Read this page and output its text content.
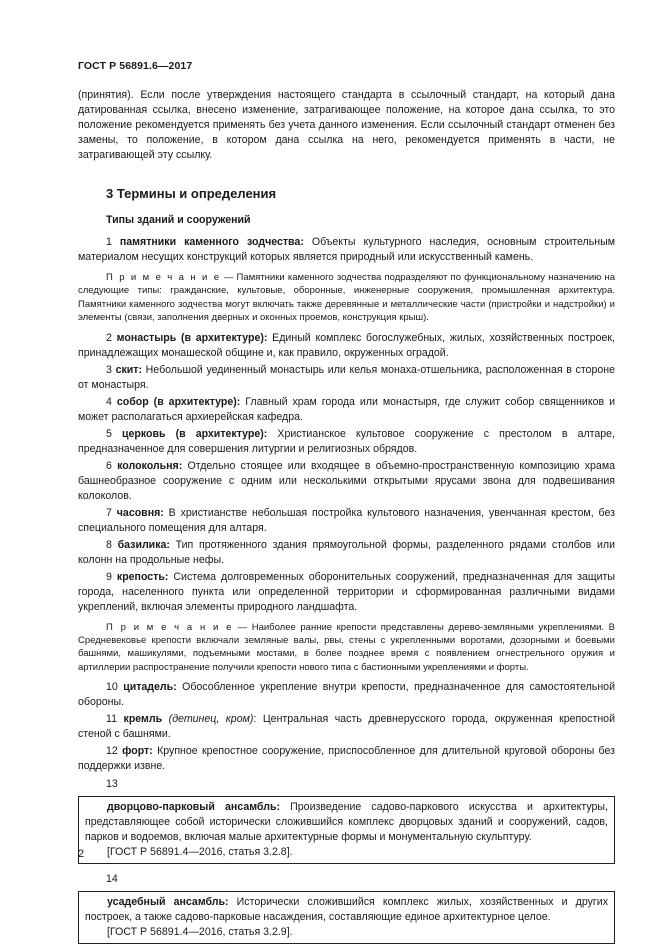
ГОСТ Р 56891.6—2017

(принятия). Если после утверждения настоящего стандарта в ссылочный стандарт, на который дана датированная ссылка, внесено изменение, затрагивающее положение, на которое дана ссылка, то это положение рекомендуется применять без учета данного изменения. Если ссылочный стандарт отменен без замены, то положение, в котором дана ссылка на него, рекомендуется применять в части, не затрагивающей эту ссылку.

3 Термины и определения

Типы зданий и сооружений

1 памятники каменного зодчества: Объекты культурного наследия, основным строительным материалом несущих конструкций которых является природный или искусственный камень.

П р и м е ч а н и е — Памятники каменного зодчества подразделяют по функциональному назначению на следующие типы: гражданские, культовые, оборонные, инженерные сооружения, промышленная архитектура. Памятники каменного зодчества могут включать также деревянные и металлические части (пристройки и надстройки) и элементы (связи, заполнения дверных и оконных проемов, конструкция крыш).

2 монастырь (в архитектуре): Единый комплекс богослужебных, жилых, хозяйственных построек, принадлежащих монашеской общине и, как правило, окруженных оградой.

3 скит: Небольшой уединенный монастырь или келья монаха-отшельника, расположенная в стороне от монастыря.

4 собор (в архитектуре): Главный храм города или монастыря, где служит собор священников и может располагаться архиерейская кафедра.

5 церковь (в архитектуре): Христианское культовое сооружение с престолом в алтаре, предназначенное для совершения литургии и религиозных обрядов.

6 колокольня: Отдельно стоящее или входящее в объемно-пространственную композицию храма башнеобразное сооружение с одним или несколькими открытыми ярусами звона для подвешивания колоколов.

7 часовня: В христианстве небольшая постройка культового назначения, увенчанная крестом, без специального помещения для алтаря.

8 базилика: Тип протяженного здания прямоугольной формы, разделенного рядами столбов или колонн на продольные нефы.

9 крепость: Система долговременных оборонительных сооружений, предназначенная для защиты города, населенного пункта или определенной территории и сформированная различными видами укреплений, включая элементы природного ландшафта.

П р и м е ч а н и е — Наиболее ранние крепости представлены дерево-земляными укреплениями. В Средневековье крепости включали земляные валы, рвы, стены с укрепленными воротами, дозорными и боевыми башнями, машикулями, подъемными мостами, в более позднее время с появлением огнестрельного оружия и артиллерии распространение получили крепости нового типа с бастионными укреплениями и форты.

10 цитадель: Обособленное укрепление внутри крепости, предназначенное для самостоятельной обороны.

11 кремль (детинец, кром): Центральная часть древнерусского города, окруженная крепостной стеной с башнями.

12 форт: Крупное крепостное сооружение, приспособленное для длительной круговой обороны без поддержки извне.

13

дворцово-парковый ансамбль: Произведение садово-паркового искусства и архитектуры, представляющее собой исторически сложившийся комплекс дворцовых зданий и сооружений, садов, парков и водоемов, включая малые архитектурные формы и монументальную скульптуру.

[ГОСТ Р 56891.4—2016, статья 3.2.8].

14

усадебный ансамбль: Исторически сложившийся комплекс жилых, хозяйственных и других построек, а также садово-парковые насаждения, составляющие единое архитектурное целое.

[ГОСТ Р 56891.4—2016, статья 3.2.9].

2
